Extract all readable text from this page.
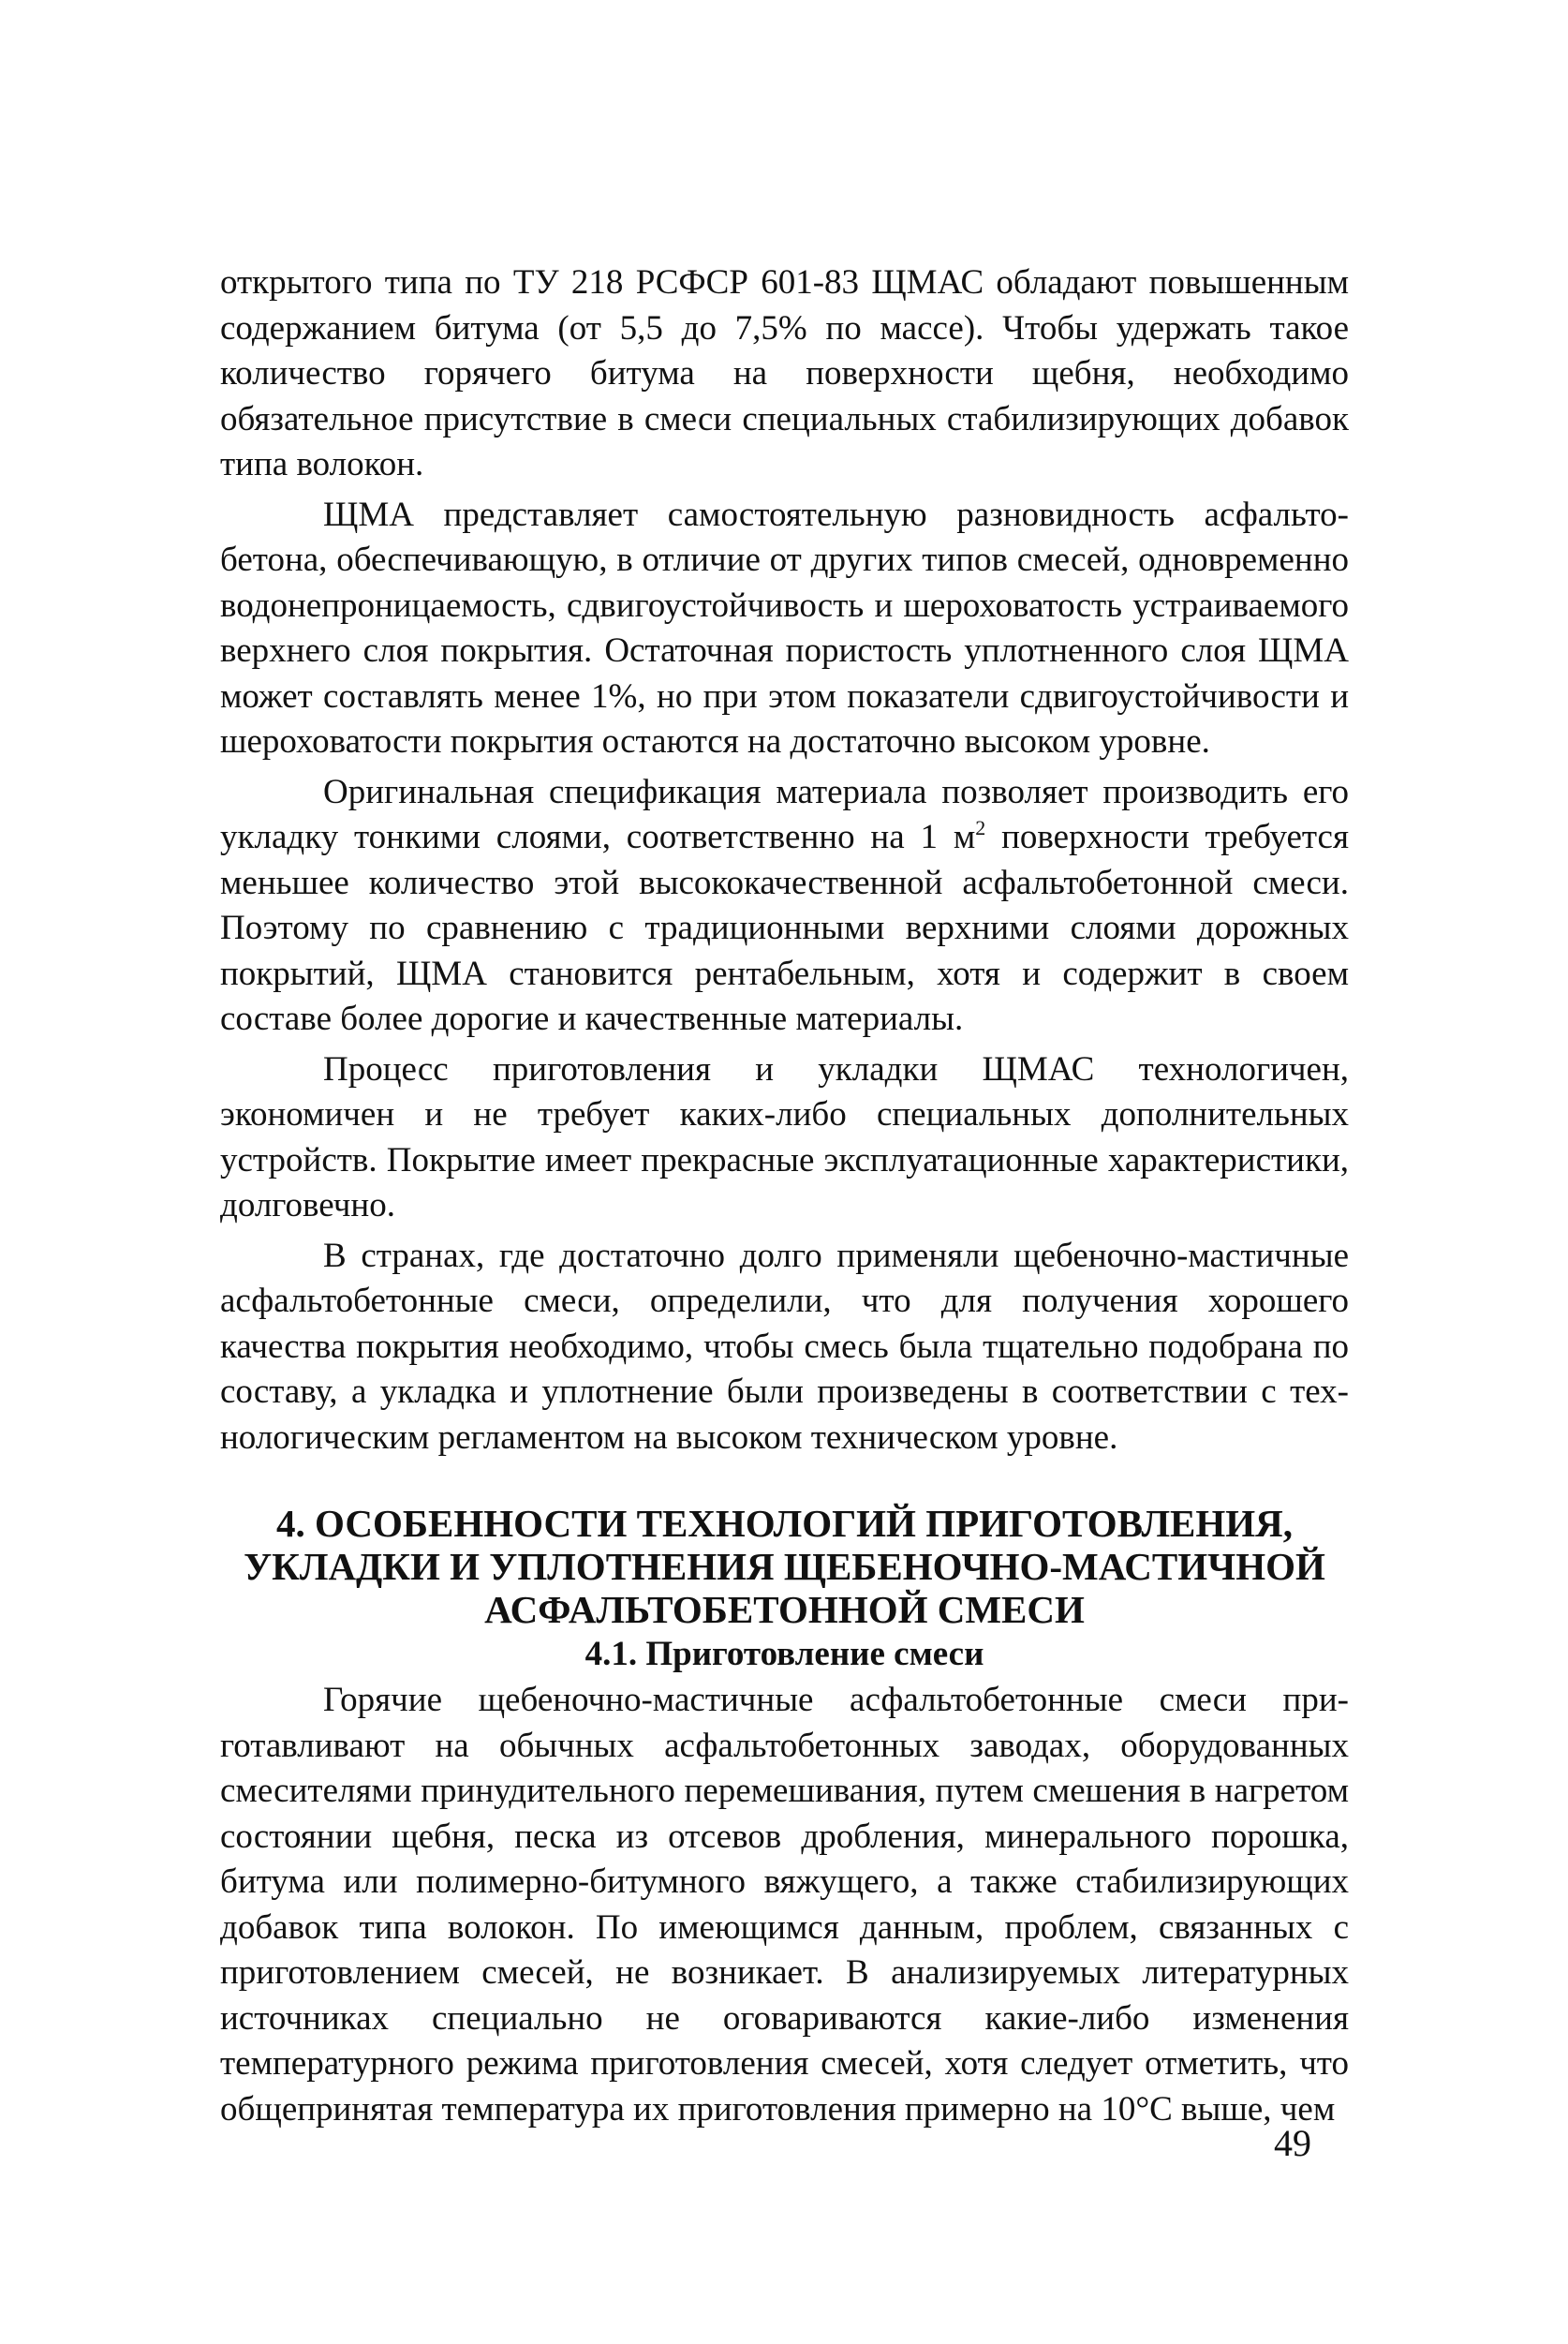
открытого типа по ТУ 218 РСФСР 601-83 ЩМАС обладают повышенным содержанием битума (от 5,5 до 7,5% по массе). Чтобы удержать такое количество горячего битума на поверхности щебня, необходимо обязательное присутствие в смеси специальных стабилизирующих добавок типа волокон.

ЩМА представляет самостоятельную разновидность асфальтобетона, обеспечивающую, в отличие от других типов смесей, одновременно водонепроницаемость, сдвигоустойчивость и шероховатость устраиваемого верхнего слоя покрытия. Остаточная пористость уплотненного слоя ЩМА может составлять менее 1%, но при этом показатели сдвигоустойчивости и шероховатости покрытия остаются на достаточно высоком уровне.

Оригинальная спецификация материала позволяет производить его укладку тонкими слоями, соответственно на 1 $м^2$ поверхности требуется меньшее количество этой высококачественной асфальтобетонной смеси. Поэтому по сравнению с традиционными верхними слоями дорожных покрытий, ЩМА становится рентабельным, хотя и содержит в своем составе более дорогие и качественные материалы.

Процесс приготовления и укладки ЩМАС технологичен, экономичен и не требует каких-либо специальных дополнительных устройств. Покрытие имеет прекрасные эксплуатационные характеристики, долговечно.

В странах, где достаточно долго применяли щебеночно-мастичные асфальтобетонные смеси, определили, что для получения хорошего качества покрытия необходимо, чтобы смесь была тщательно подобрана по составу, а укладка и уплотнение были произведены в соответствии с технологическим регламентом на высоком техническом уровне.

4. ОСОБЕННОСТИ ТЕХНОЛОГИЙ ПРИГОТОВЛЕНИЯ,
УКЛАДКИ И УПЛОТНЕНИЯ ЩЕБЕНОЧНО-МАСТИЧНОЙ
АСФАЛЬТОБЕТОННОЙ СМЕСИ
4.1. Приготовление смеси

Горячие щебеночно-мастичные асфальтобетонные смеси приготавливают на обычных асфальтобетонных заводах, оборудованных смесителями принудительного перемешивания, путем смешения в нагретом состоянии щебня, песка из отсевов дробления, минерального порошка, битума или полимерно-битумного вяжущего, а также стабилизирующих добавок типа волокон. По имеющимся данным, проблем, связанных с приготовлением смесей, не возникает. В анализируемых литературных источниках специально не оговариваются какие-либо изменения температурного режима приготовления смесей, хотя следует отметить, что общепринятая температура их приготовления примерно на 10°С выше, чем

49
